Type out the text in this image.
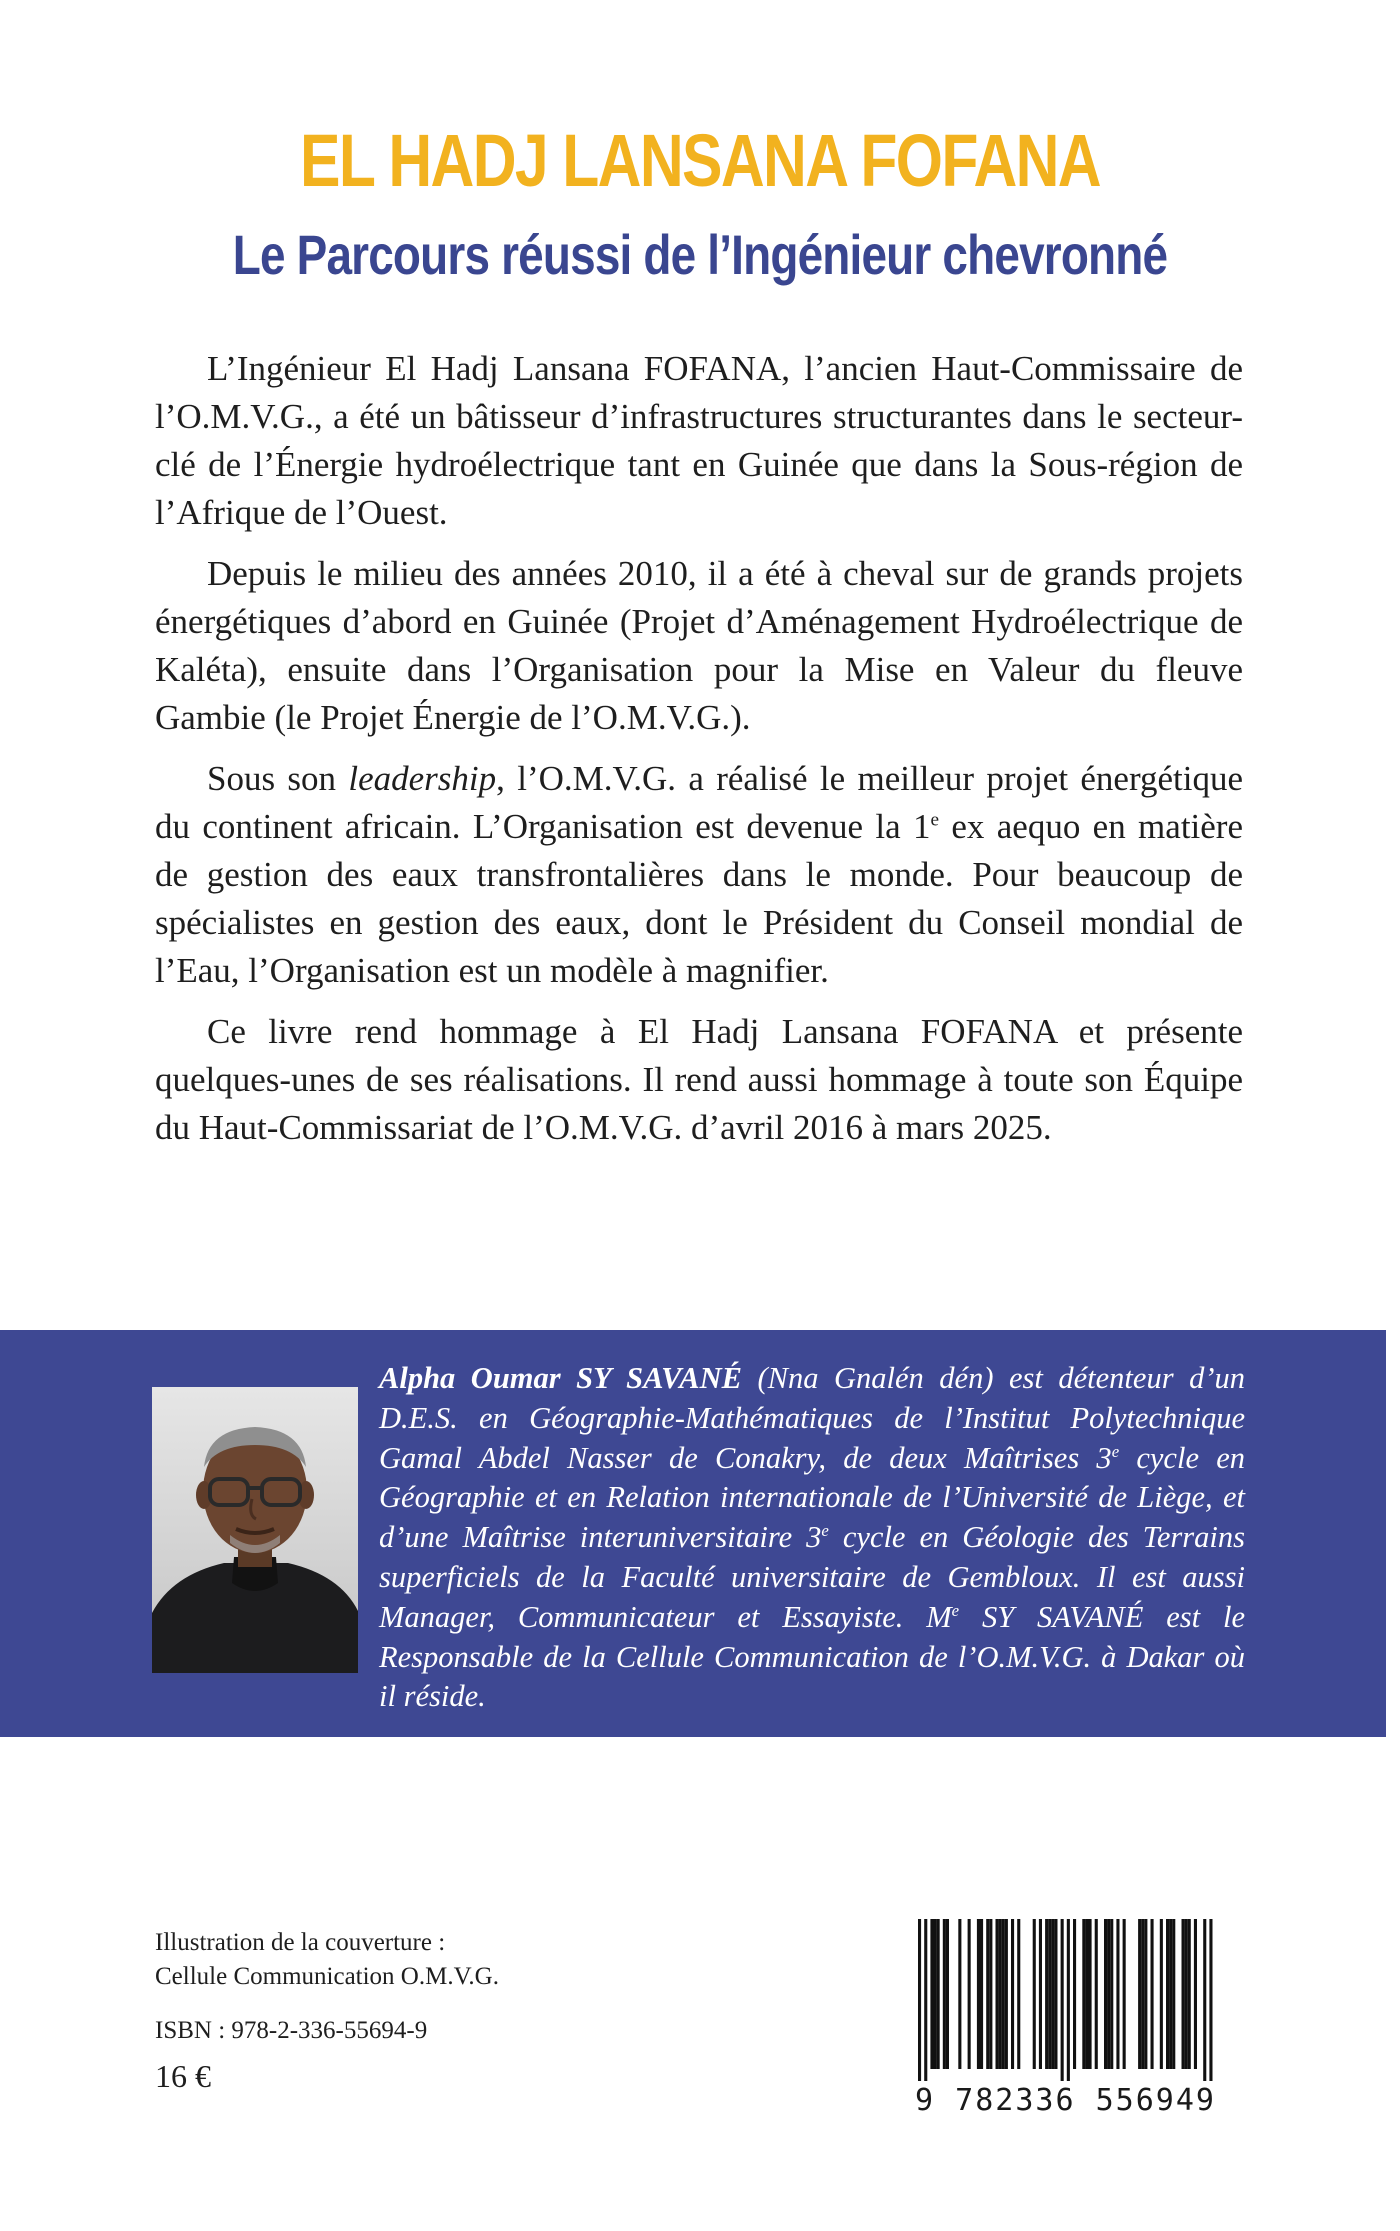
EL HADJ LANSANA FOFANA
Le Parcours réussi de l’Ingénieur chevronné

L’Ingénieur El Hadj Lansana FOFANA, l’ancien Haut-Commissaire de l’O.M.V.G., a été un bâtisseur d’infrastructures structurantes dans le secteur-clé de l’Énergie hydroélectrique tant en Guinée que dans la Sous-région de l’Afrique de l’Ouest.

Depuis le milieu des années 2010, il a été à cheval sur de grands projets énergétiques d’abord en Guinée (Projet d’Aménagement Hydroélectrique de Kaléta), ensuite dans l’Organisation pour la Mise en Valeur du fleuve Gambie (le Projet Énergie de l’O.M.V.G.).

Sous son leadership, l’O.M.V.G. a réalisé le meilleur projet énergétique du continent africain. L’Organisation est devenue la 1e ex aequo en matière de gestion des eaux transfrontalières dans le monde. Pour beaucoup de spécialistes en gestion des eaux, dont le Président du Conseil mondial de l’Eau, l’Organisation est un modèle à magnifier.

Ce livre rend hommage à El Hadj Lansana FOFANA et présente quelques-unes de ses réalisations. Il rend aussi hommage à toute son Équipe du Haut-Commissariat de l’O.M.V.G. d’avril 2016 à mars 2025.

Alpha Oumar SY SAVANÉ (Nna Gnalén dén) est détenteur d’un D.E.S. en Géographie-Mathématiques de l’Institut Polytechnique Gamal Abdel Nasser de Conakry, de deux Maîtrises 3e cycle en Géographie et en Relation internationale de l’Université de Liège, et d’une Maîtrise interuniversitaire 3e cycle en Géologie des Terrains superficiels de la Faculté universitaire de Gembloux. Il est aussi Manager, Communicateur et Essayiste. Me SY SAVANÉ est le Responsable de la Cellule Communication de l’O.M.V.G. à Dakar où il réside.

Illustration de la couverture :

Cellule Communication O.M.V.G.

ISBN : 978-2-336-55694-9

16 €

9 782336 556949
